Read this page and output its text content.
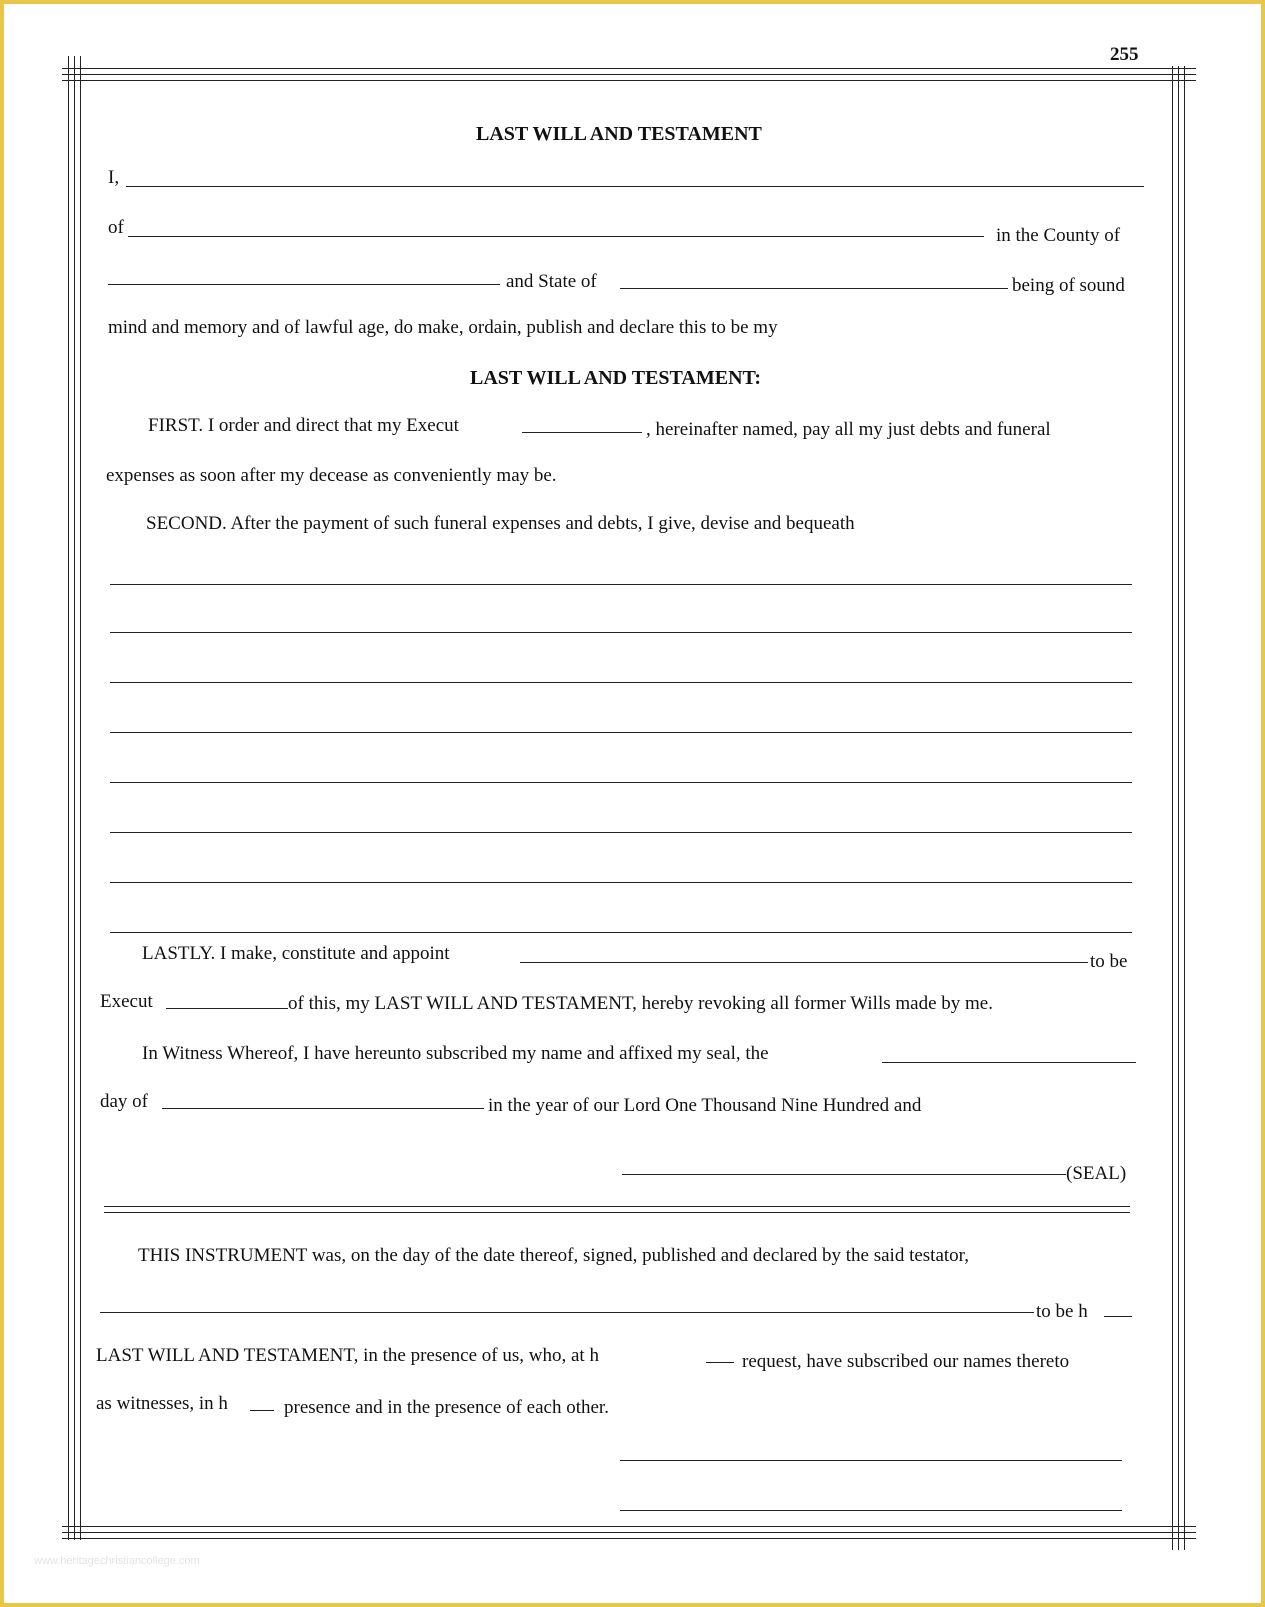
255
LAST WILL AND TESTAMENT
I,
of	in the County of
and State of	being of sound
mind and memory and of lawful age, do make, ordain, publish and declare this to be my
LAST WILL AND TESTAMENT:
FIRST. I order and direct that my Execut	, hereinafter named, pay all my just debts and funeral
expenses as soon after my decease as conveniently may be.
SECOND. After the payment of such funeral expenses and debts, I give, devise and bequeath
LASTLY. I make, constitute and appoint	to be
Execut	of this, my LAST WILL AND TESTAMENT, hereby revoking all former Wills made by me.
In Witness Whereof, I have hereunto subscribed my name and affixed my seal, the
day of	in the year of our Lord One Thousand Nine Hundred and
(SEAL)
THIS INSTRUMENT was, on the day of the date thereof, signed, published and declared by the said testator,
to be h
LAST WILL AND TESTAMENT, in the presence of us, who, at h	request, have subscribed our names thereto
as witnesses, in h	presence and in the presence of each other.
www.heritagechristiancollege.com
